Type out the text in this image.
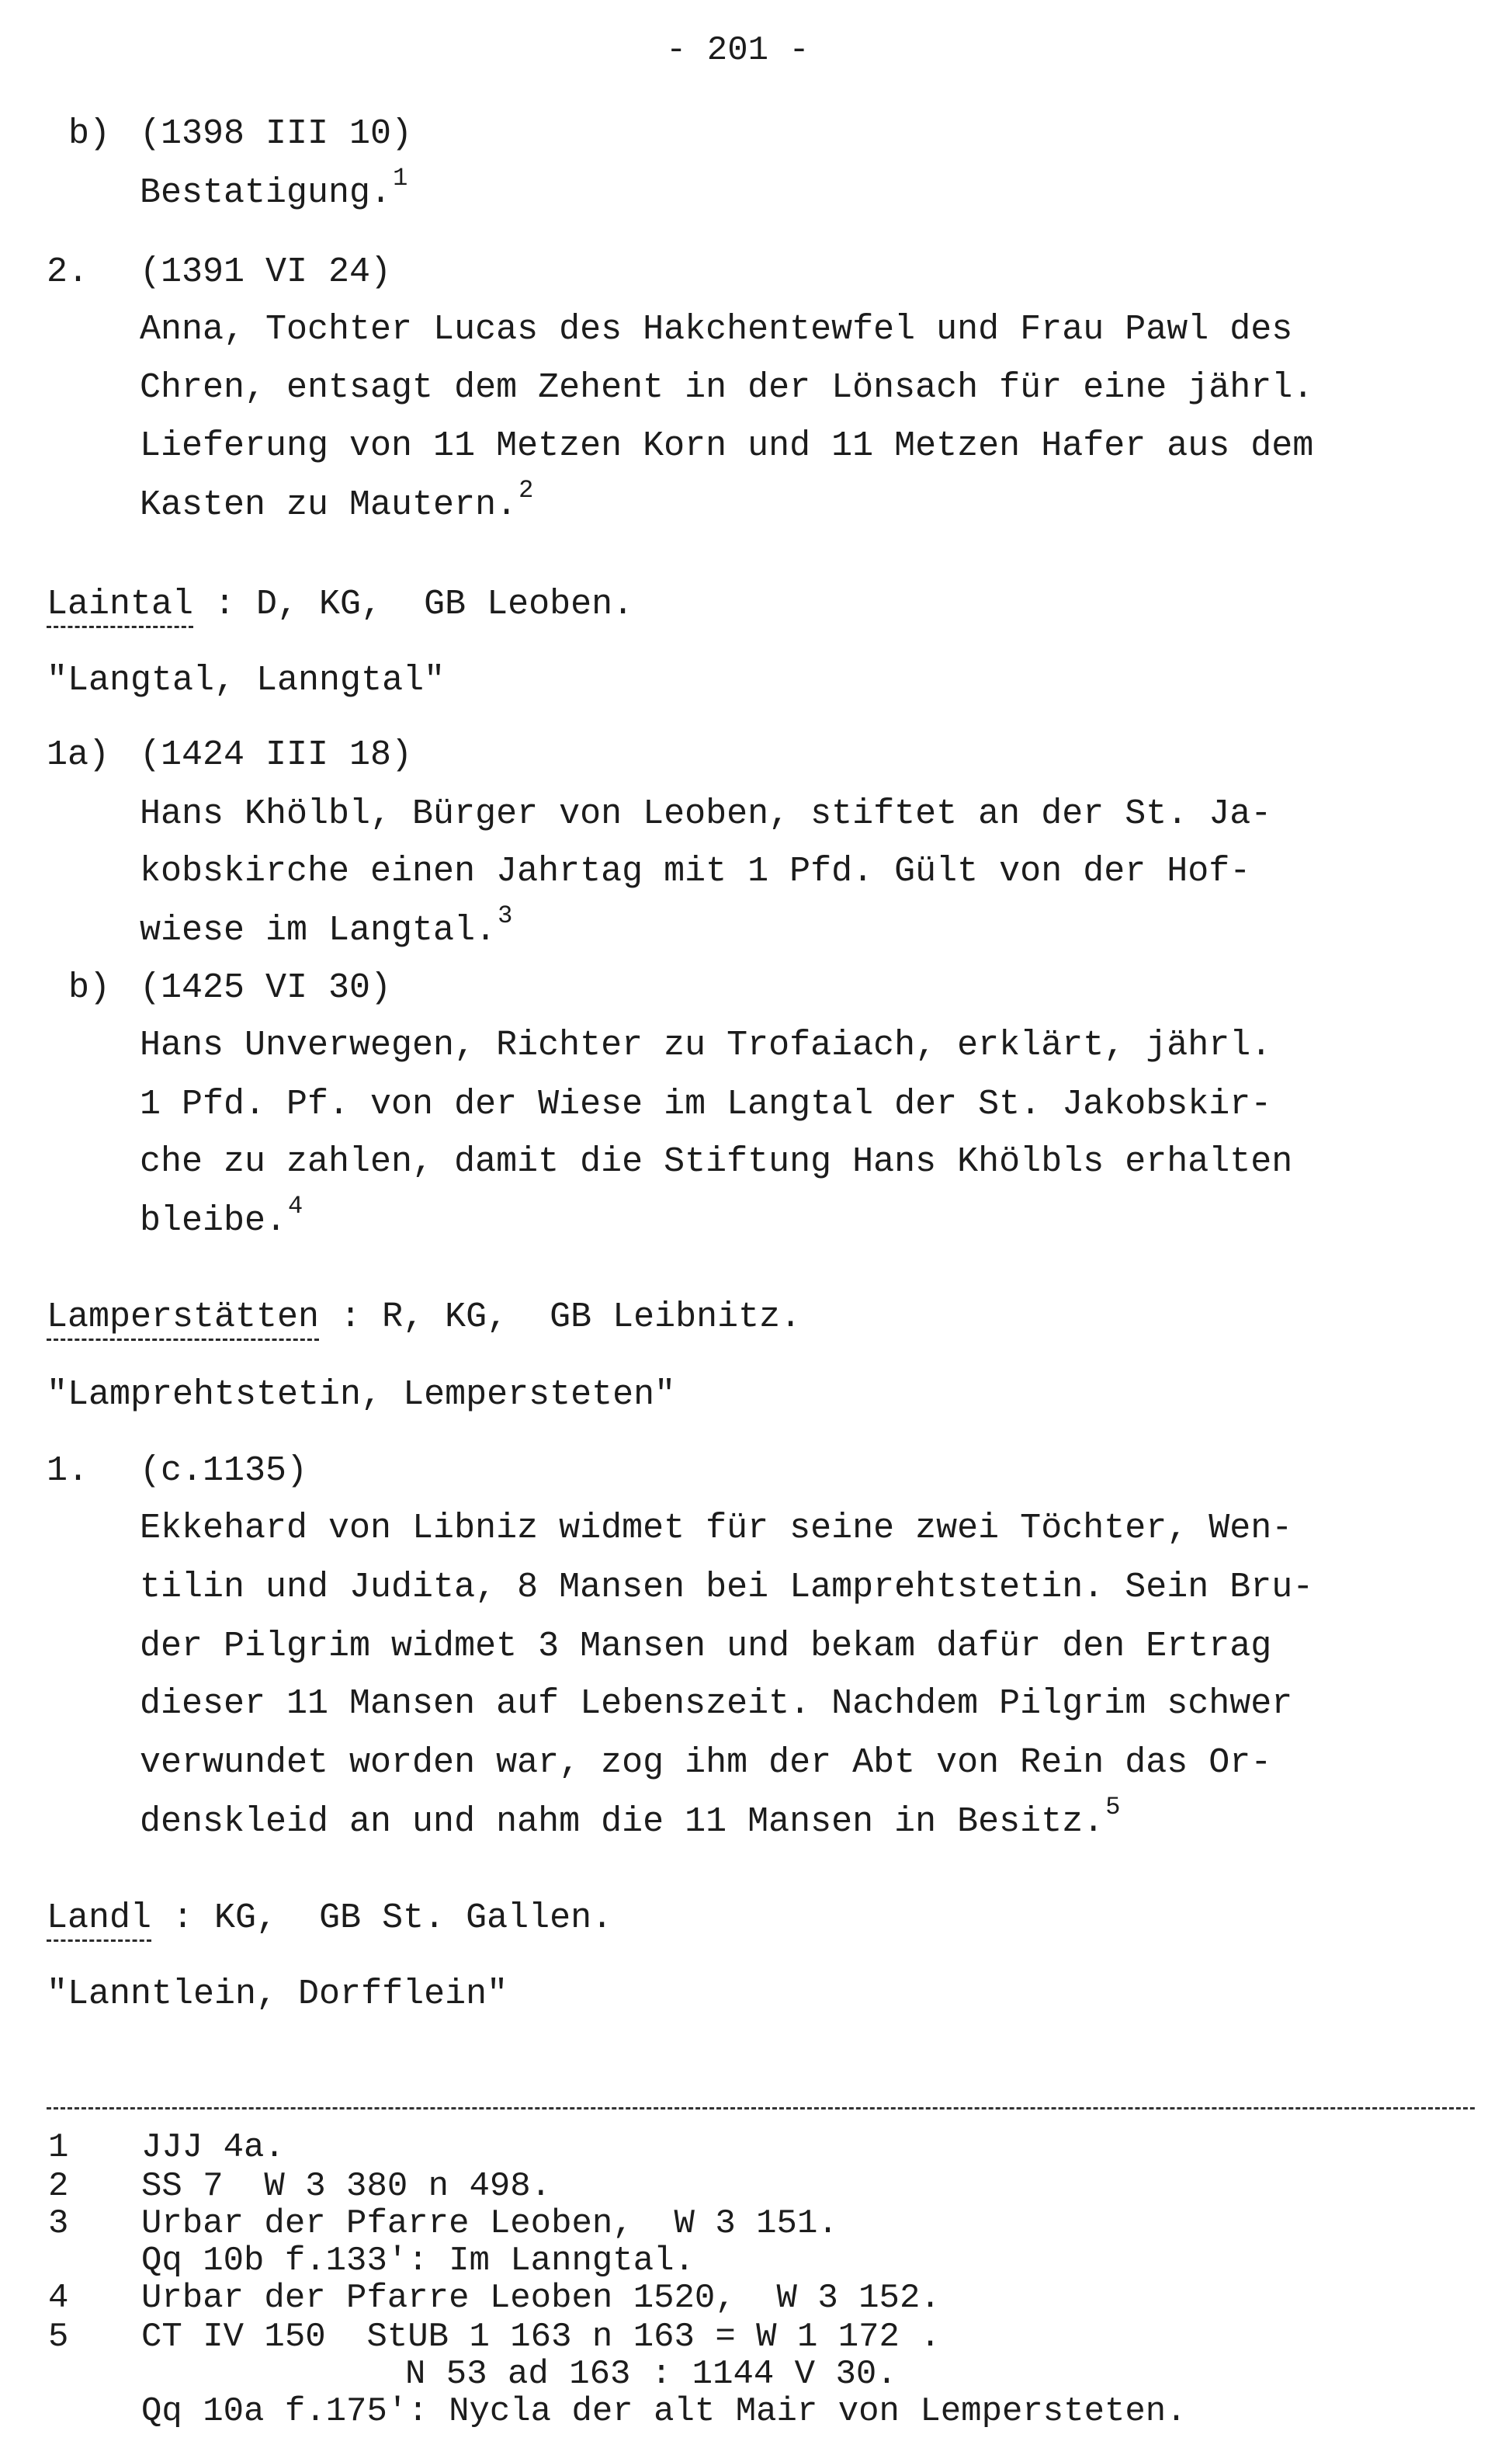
- 201 -
b) (1398 III 10)
Bestatigung.$^1$
2. (1391 VI 24)
Anna, Tochter Lucas des Hakchentewfel und Frau Pawl des
Chren, entsagt dem Zehent in der Lönsach für eine jährl.
Lieferung von 11 Metzen Korn und 11 Metzen Hafer aus dem
Kasten zu Mautern.$^2$
Laintal : D, KG,  GB Leoben.
"Langtal, Lanngtal"
1a) (1424 III 18)
Hans Khölbl, Bürger von Leoben, stiftet an der St. Ja-
kobskirche einen Jahrtag mit 1 Pfd. Gült von der Hof-
wiese im Langtal.$^3$
b) (1425 VI 30)
Hans Unverwegen, Richter zu Trofaiach, erklärt, jährl.
1 Pfd. Pf. von der Wiese im Langtal der St. Jakobskir-
che zu zahlen, damit die Stiftung Hans Khölbls erhalten
bleibe.$^4$
Lamperstätten : R, KG,  GB Leibnitz.
"Lamprehtstetin, Lempersteten"
1. (c.1135)
Ekkehard von Libniz widmet für seine zwei Töchter, Wen-
tilin und Judita, 8 Mansen bei Lamprehtstetin. Sein Bru-
der Pilgrim widmet 3 Mansen und bekam dafür den Ertrag
dieser 11 Mansen auf Lebenszeit. Nachdem Pilgrim schwer
verwundet worden war, zog ihm der Abt von Rein das Or-
denskleid an und nahm die 11 Mansen in Besitz.$^5$
Landl : KG,  GB St. Gallen.
"Lanntlein, Dorfflein"
1 JJJ 4a.
2 SS 7  W 3 380 n 498.
3 Urbar der Pfarre Leoben,  W 3 151.
Qq 10b f.133': Im Lanngtal.
4 Urbar der Pfarre Leoben 1520,  W 3 152.
5 CT IV 150  StUB 1 163 n 163 = W 1 172 .
N 53 ad 163 : 1144 V 30.
Qq 10a f.175': Nycla der alt Mair von Lempersteten.
